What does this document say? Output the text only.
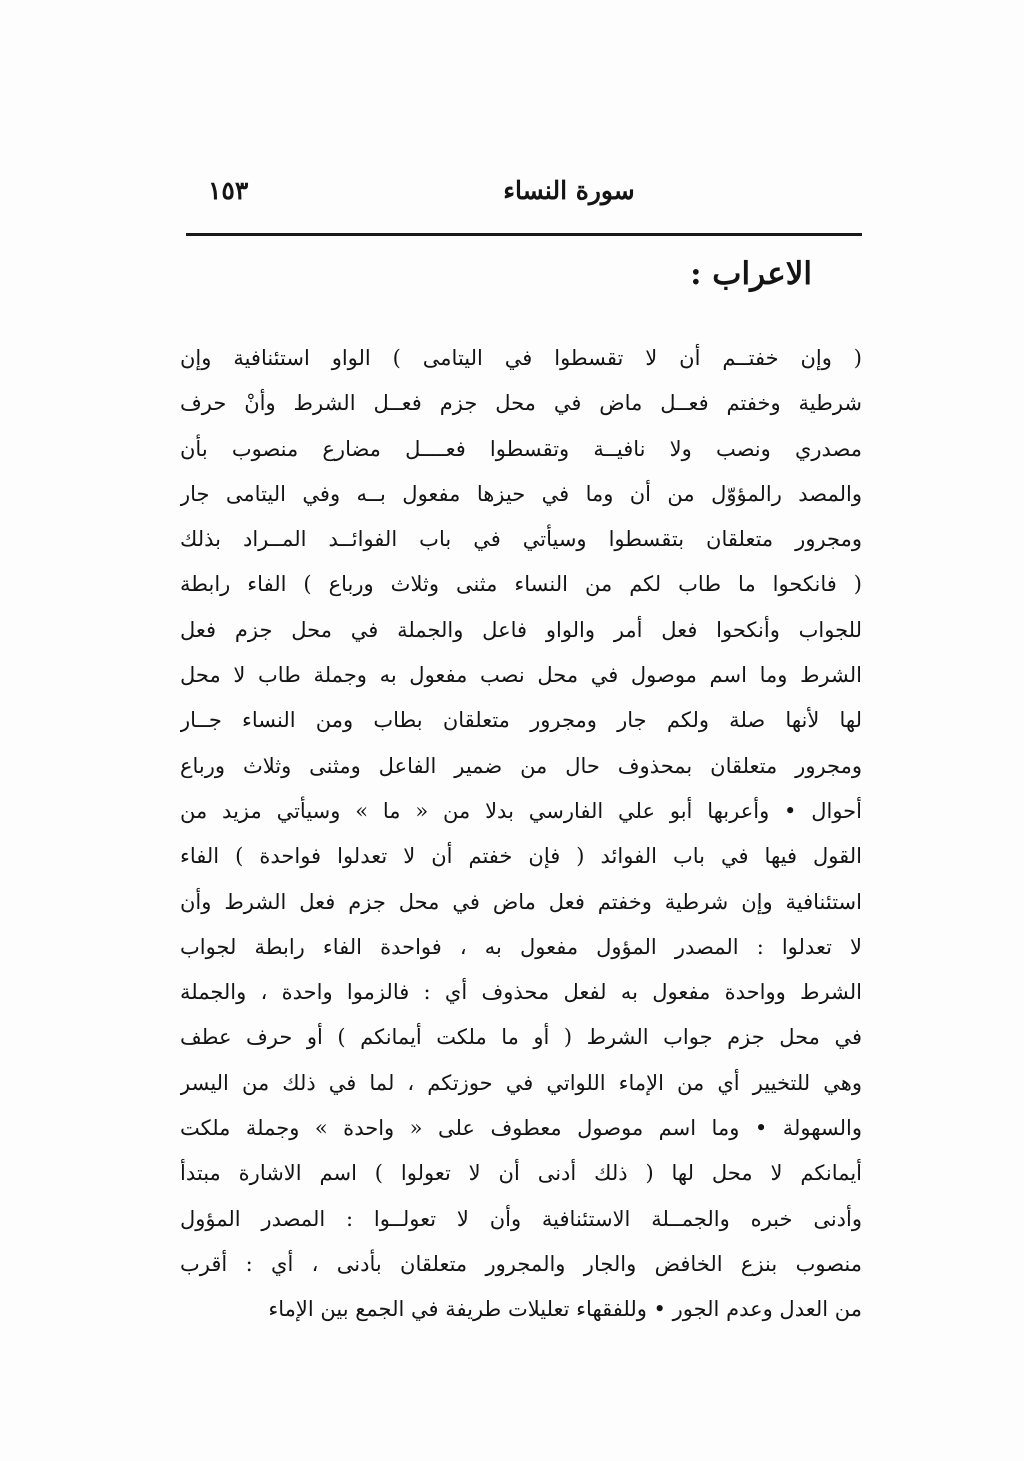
سورة النساء
١٥٣
الاعراب :
( وإن خفتــم أن لا تقسطوا في اليتامى ) الواو استئنافية وإن
شرطية وخفتم فعــل ماض في محل جزم فعــل الشرط وأنْ حرف
مصدري ونصب ولا نافيــة وتقسطوا فعــــل مضارع منصوب بأن
والمصد رالمؤوّل من أن وما في حيزها مفعول بــه وفي اليتامى جار
ومجرور متعلقان بتقسطوا وسيأتي في باب الفوائــد المــراد بذلك
( فانكحوا ما طاب لكم من النساء مثنى وثلاث ورباع ) الفاء رابطة
للجواب وأنكحوا فعل أمر والواو فاعل والجملة في محل جزم فعل
الشرط وما اسم موصول في محل نصب مفعول به وجملة طاب لا محل
لها لأنها صلة ولكم جار ومجرور متعلقان بطاب ومن النساء جــار
ومجرور متعلقان بمحذوف حال من ضمير الفاعل ومثنى وثلاث ورباع
أحوال • وأعربها أبو علي الفارسي بدلا من « ما » وسيأتي مزيد من
القول فيها في باب الفوائد ( فإن خفتم أن لا تعدلوا فواحدة ) الفاء
استئنافية وإن شرطية وخفتم فعل ماض في محل جزم فعل الشرط وأن
لا تعدلوا : المصدر المؤول مفعول به ، فواحدة الفاء رابطة لجواب
الشرط وواحدة مفعول به لفعل محذوف أي : فالزموا واحدة ، والجملة
في محل جزم جواب الشرط ( أو ما ملكت أيمانكم ) أو حرف عطف
وهي للتخيير أي من الإماء اللواتي في حوزتكم ، لما في ذلك من اليسر
والسهولة • وما اسم موصول معطوف على « واحدة » وجملة ملكت
أيمانكم لا محل لها ( ذلك أدنى أن لا تعولوا ) اسم الاشارة مبتدأ
وأدنى خبره والجمــلة الاستئنافية وأن لا تعولــوا : المصدر المؤول
منصوب بنزع الخافض والجار والمجرور متعلقان بأدنى ، أي : أقرب
من العدل وعدم الجور • وللفقهاء تعليلات طريفة في الجمع بين الإماء
